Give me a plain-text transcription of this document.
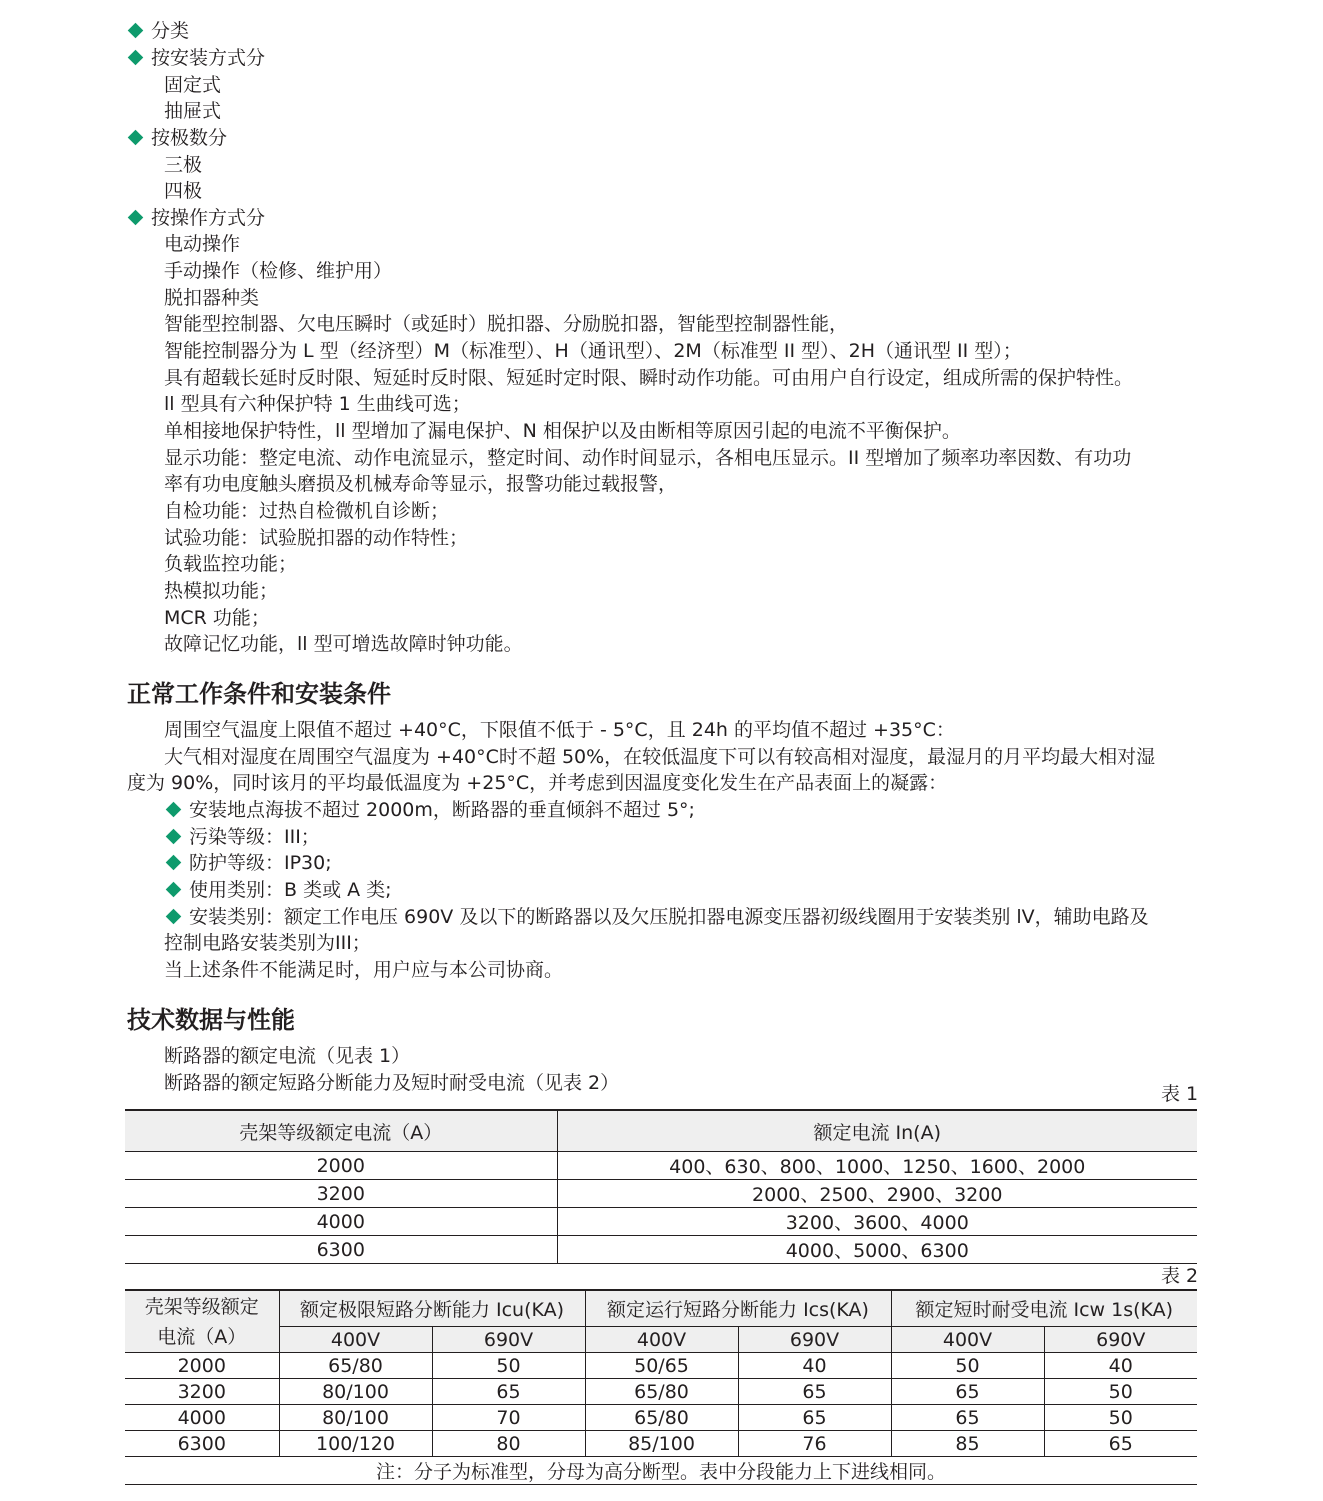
分类
按安装方式分
固定式
抽屉式
按极数分
三极
四极
按操作方式分
电动操作
手动操作（检修、维护用）
脱扣器种类
智能型控制器、欠电压瞬时（或延时）脱扣器、分励脱扣器，智能型控制器性能，
智能控制器分为 L 型（经济型）M（标准型）、H（通讯型）、2M（标准型 II 型）、2H（通讯型 II 型）；
具有超载长延时反时限、短延时反时限、短延时定时限、瞬时动作功能。可由用户自行设定，组成所需的保护特性。
ll 型具有六种保护特 1 生曲线可选；
单相接地保护特性，ll 型增加了漏电保护、N 相保护以及由断相等原因引起的电流不平衡保护。
显示功能：整定电流、动作电流显示，整定时间、动作时间显示，各相电压显示。II 型增加了频率功率因数、有功功
率有功电度触头磨损及机械寿命等显示，报警功能过载报警，
自检功能：过热自检微机自诊断；
试验功能：试验脱扣器的动作特性；
负载监控功能；
热模拟功能；
MCR 功能；
故障记忆功能，ll 型可增选故障时钟功能。
正常工作条件和安装条件
周围空气温度上限值不超过 +40°C，下限值不低于 - 5°C，且 24h 的平均值不超过 +35°C：
大气相对湿度在周围空气温度为 +40°C时不超 50%，在较低温度下可以有较高相对湿度，最湿月的月平均最大相对湿
度为 90%，同时该月的平均最低温度为 +25°C，并考虑到因温度变化发生在产品表面上的凝露：
安装地点海拔不超过 2000m，断路器的垂直倾斜不超过 5°;
污染等级：III；
防护等级：IP30;
使用类别：B 类或 A 类;
安装类别：额定工作电压 690V 及以下的断路器以及欠压脱扣器电源变压器初级线圈用于安装类别 lV，辅助电路及
控制电路安装类别为III；
当上述条件不能满足时，用户应与本公司协商。
技术数据与性能
断路器的额定电流（见表 1）
断路器的额定短路分断能力及短时耐受电流（见表 2）	表 1
壳架等级额定电流（A）	额定电流 In(A)
2000	400、630、800、1000、1250、1600、2000
3200	2000、2500、2900、3200
4000	3200、3600、4000
6300	4000、5000、6300
表 2
壳架等级额定
电流（A）	额定极限短路分断能力 Icu(KA)		额定运行短路分断能力 Ics(KA)		额定短时耐受电流 Icw 1s(KA)	
	400V	690V	400V	690V	400V	690V
2000	65/80	50	50/65	40	50	40
3200	80/100	65	65/80	65	65	50
4000	80/100	70	65/80	65	65	50
6300	100/120	80	85/100	76	85	65
注：分子为标准型，分母为高分断型。表中分段能力上下进线相同。						
